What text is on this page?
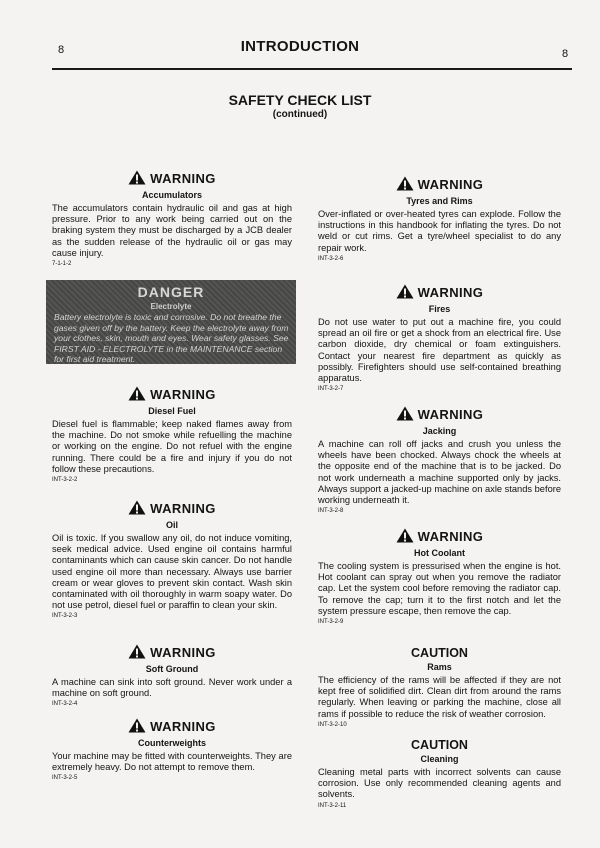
8	INTRODUCTION	8
SAFETY CHECK LIST
(continued)
WARNING
Accumulators
The accumulators contain hydraulic oil and gas at high pressure. Prior to any work being carried out on the braking system they must be discharged by a JCB dealer as the sudden release of the hydraulic oil or gas may cause injury.
7-1-1-2
DANGER
Electrolyte
Battery electrolyte is toxic and corrosive. Do not breathe the gases given off by the battery. Keep the electrolyte away from your clothes, skin, mouth and eyes. Wear safety glasses. See FIRST AID - ELECTROLYTE in the MAINTENANCE section for first aid treatment.
WARNING
Diesel Fuel
Diesel fuel is flammable; keep naked flames away from the machine. Do not smoke while refuelling the machine or working on the engine. Do not refuel with the engine running. There could be a fire and injury if you do not follow these precautions.
INT-3-2-2
WARNING
Oil
Oil is toxic. If you swallow any oil, do not induce vomiting, seek medical advice. Used engine oil contains harmful contaminants which can cause skin cancer. Do not handle used engine oil more than necessary. Always use barrier cream or wear gloves to prevent skin contact. Wash skin contaminated with oil thoroughly in warm soapy water. Do not use petrol, diesel fuel or paraffin to clean your skin.
INT-3-2-3
WARNING
Soft Ground
A machine can sink into soft ground. Never work under a machine on soft ground.
INT-3-2-4
WARNING
Counterweights
Your machine may be fitted with counterweights. They are extremely heavy. Do not attempt to remove them.
INT-3-2-5
WARNING
Tyres and Rims
Over-inflated or over-heated tyres can explode. Follow the instructions in this handbook for inflating the tyres. Do not weld or cut rims. Get a tyre/wheel specialist to do any repair work.
INT-3-2-6
WARNING
Fires
Do not use water to put out a machine fire, you could spread an oil fire or get a shock from an electrical fire. Use carbon dioxide, dry chemical or foam extinguishers. Contact your nearest fire department as quickly as possibly. Firefighters should use self-contained breathing apparatus.
INT-3-2-7
WARNING
Jacking
A machine can roll off jacks and crush you unless the wheels have been chocked. Always chock the wheels at the opposite end of the machine that is to be jacked. Do not work underneath a machine supported only by jacks. Always support a jacked-up machine on axle stands before working underneath it.
INT-3-2-8
WARNING
Hot Coolant
The cooling system is pressurised when the engine is hot. Hot coolant can spray out when you remove the radiator cap. Let the system cool before removing the radiator cap. To remove the cap; turn it to the first notch and let the system pressure escape, then remove the cap.
INT-3-2-9
CAUTION
Rams
The efficiency of the rams will be affected if they are not kept free of solidified dirt. Clean dirt from around the rams regularly. When leaving or parking the machine, close all rams if possible to reduce the risk of weather corrosion.
INT-3-2-10
CAUTION
Cleaning
Cleaning metal parts with incorrect solvents can cause corrosion. Use only recommended cleaning agents and solvents.
INT-3-2-11
